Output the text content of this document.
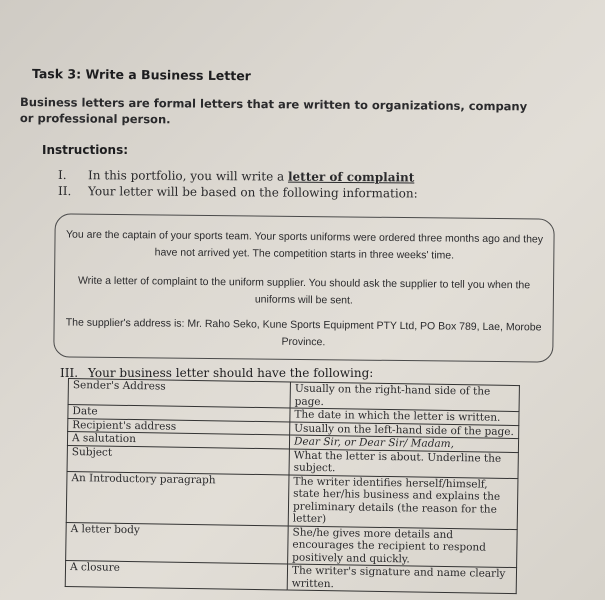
Task 3: Write a Business Letter
Business letters are formal letters that are written to organizations, company or professional person.
Instructions:
I. In this portfolio, you will write a letter of complaint
II. Your letter will be based on the following information:

You are the captain of your sports team. Your sports uniforms were ordered three months ago and they have not arrived yet. The competition starts in three weeks' time.

Write a letter of complaint to the uniform supplier. You should ask the supplier to tell you when the uniforms will be sent.

The supplier's address is: Mr. Raho Seko, Kune Sports Equipment PTY Ltd, PO Box 789, Lae, Morobe Province.

III. Your business letter should have the following:
Sender's Address	Usually on the right-hand side of the page.
Date	The date in which the letter is written.
Recipient's address	Usually on the left-hand side of the page.
A salutation	Dear Sir, or Dear Sir/ Madam,
Subject	What the letter is about. Underline the subject.
An Introductory paragraph	The writer identifies herself/himself, state her/his business and explains the preliminary details (the reason for the letter)
A letter body	She/he gives more details and encourages the recipient to respond positively and quickly.
A closure	The writer's signature and name clearly written.
